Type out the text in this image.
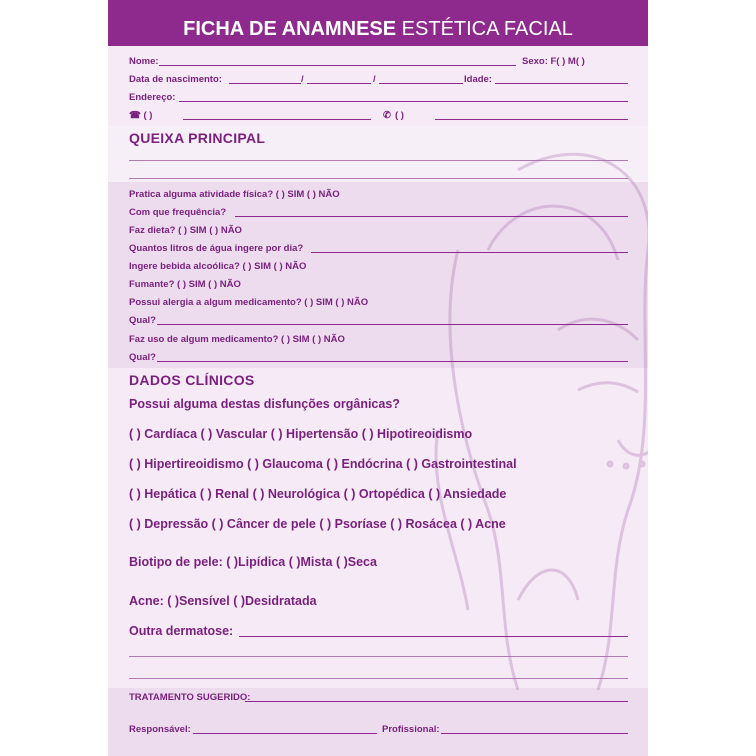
FICHA DE ANAMNESE ESTÉTICA FACIAL
Nome:	Sexo: F( ) M( )
Data de nascimento:	/	/	Idade:
Endereço:
☎ ( )	✆ ( )
QUEIXA PRINCIPAL
Pratica alguma atividade física? ( ) SIM ( ) NÃO
Com que frequência?
Faz dieta? ( ) SIM ( ) NÃO
Quantos litros de água ingere por dia?
Ingere bebida alcoólica? ( ) SIM ( ) NÃO
Fumante? ( ) SIM ( ) NÃO
Possui alergia a algum medicamento? ( ) SIM ( ) NÃO
Qual?
Faz uso de algum medicamento? ( ) SIM ( ) NÃO
Qual?
DADOS CLÍNICOS
Possui alguma destas disfunções orgânicas?
( ) Cardíaca ( ) Vascular ( ) Hipertensão ( ) Hipotireoidismo
( ) Hipertireoidismo ( ) Glaucoma ( ) Endócrina ( ) Gastrointestinal
( ) Hepática ( ) Renal ( ) Neurológica ( ) Ortopédica ( ) Ansiedade
( ) Depressão ( ) Câncer de pele ( ) Psoríase ( ) Rosácea ( ) Acne
Biotipo de pele: ( )Lipídica ( )Mista ( )Seca
Acne: ( )Sensível ( )Desidratada
Outra dermatose:
TRATAMENTO SUGERIDO:
Responsável:	Profissional:
